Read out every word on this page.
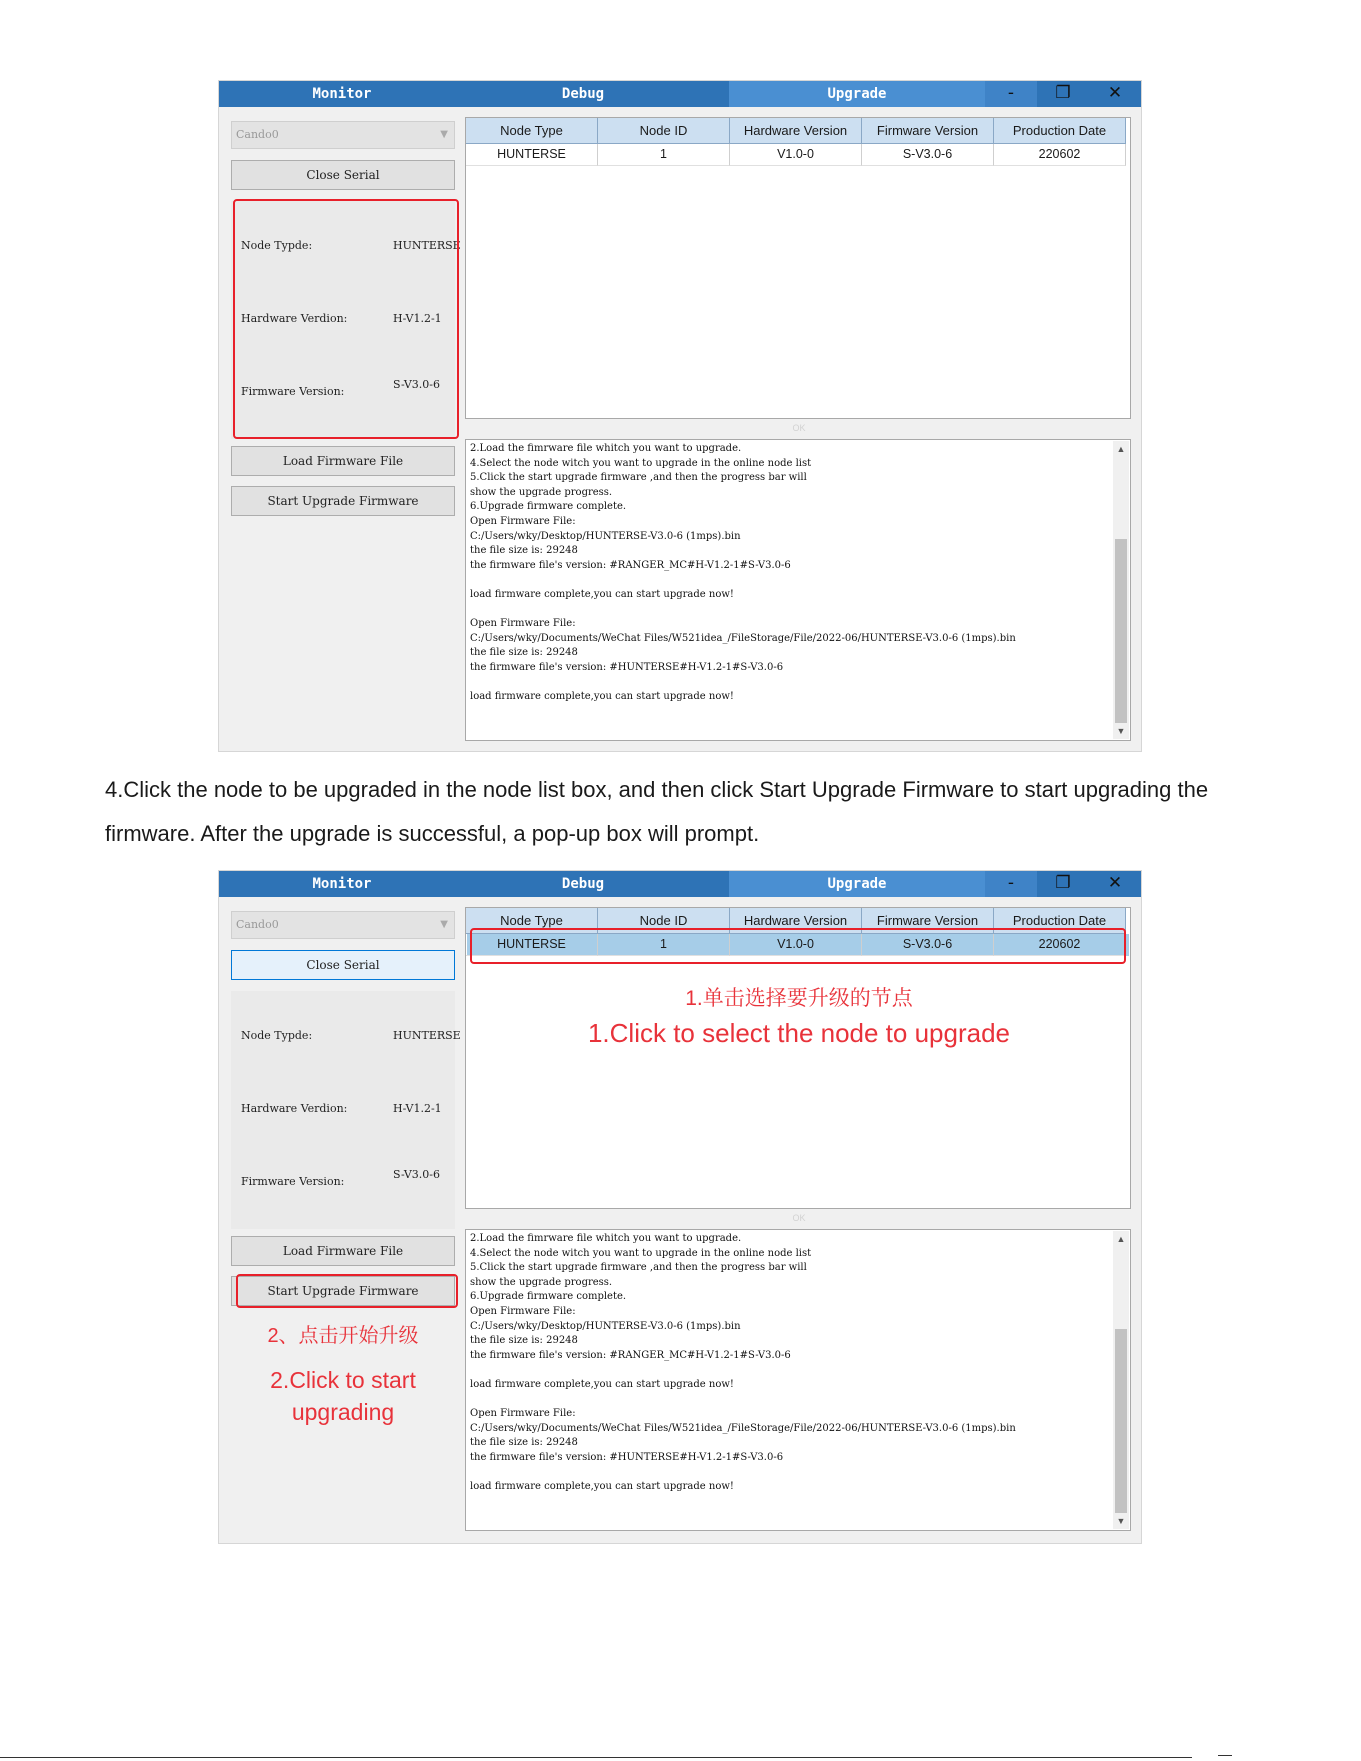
Monitor	Debug	Upgrade	-	❐	✕
Cando0	▼
Close Serial
Node Typde:	HUNTERSE
Hardware Verdion:	H-V1.2-1
Firmware Version:
S-V3.0-6
Load Firmware File
Start Upgrade Firmware
Node Type	Node ID	Hardware Version	Firmware Version	Production Date
HUNTERSE	1	V1.0-0	S-V3.0-6	220602
OK
2.Load the fimrware file whitch you want to upgrade.
4.Select the node witch you want to upgrade in the online node list
5.Click the start upgrade firmware ,and then the progress bar will
show the upgrade progress.
6.Upgrade firmware complete.
Open Firmware File:
C:/Users/wky/Desktop/HUNTERSE-V3.0-6 (1mps).bin
the file size is: 29248
the firmware file's version: #RANGER_MC#H-V1.2-1#S-V3.0-6

load firmware complete,you can start upgrade now!

Open Firmware File:
C:/Users/wky/Documents/WeChat Files/W521idea_/FileStorage/File/2022-06/HUNTERSE-V3.0-6 (1mps).bin
the file size is: 29248
the firmware file's version: #HUNTERSE#H-V1.2-1#S-V3.0-6

load firmware complete,you can start upgrade now!
▲
▼

4.Click the node to be upgraded in the node list box, and then click Start Upgrade Firmware to start upgrading the firmware. After the upgrade is successful, a pop-up box will prompt.

Monitor	Debug	Upgrade	-	❐	✕
Cando0	▼
Close Serial
Node Typde:	HUNTERSE
Hardware Verdion:	H-V1.2-1
Firmware Version:
S-V3.0-6
Load Firmware File
Start Upgrade Firmware
2、点击开始升级
2.Click to start
upgrading
Node Type	Node ID	Hardware Version	Firmware Version	Production Date
HUNTERSE	1	V1.0-0	S-V3.0-6	220602
1.单击选择要升级的节点
1.Click to select the node to upgrade
OK
2.Load the fimrware file whitch you want to upgrade.
4.Select the node witch you want to upgrade in the online node list
5.Click the start upgrade firmware ,and then the progress bar will
show the upgrade progress.
6.Upgrade firmware complete.
Open Firmware File:
C:/Users/wky/Desktop/HUNTERSE-V3.0-6 (1mps).bin
the file size is: 29248
the firmware file's version: #RANGER_MC#H-V1.2-1#S-V3.0-6

load firmware complete,you can start upgrade now!

Open Firmware File:
C:/Users/wky/Documents/WeChat Files/W521idea_/FileStorage/File/2022-06/HUNTERSE-V3.0-6 (1mps).bin
the file size is: 29248
the firmware file's version: #HUNTERSE#H-V1.2-1#S-V3.0-6

load firmware complete,you can start upgrade now!
▲
▼
